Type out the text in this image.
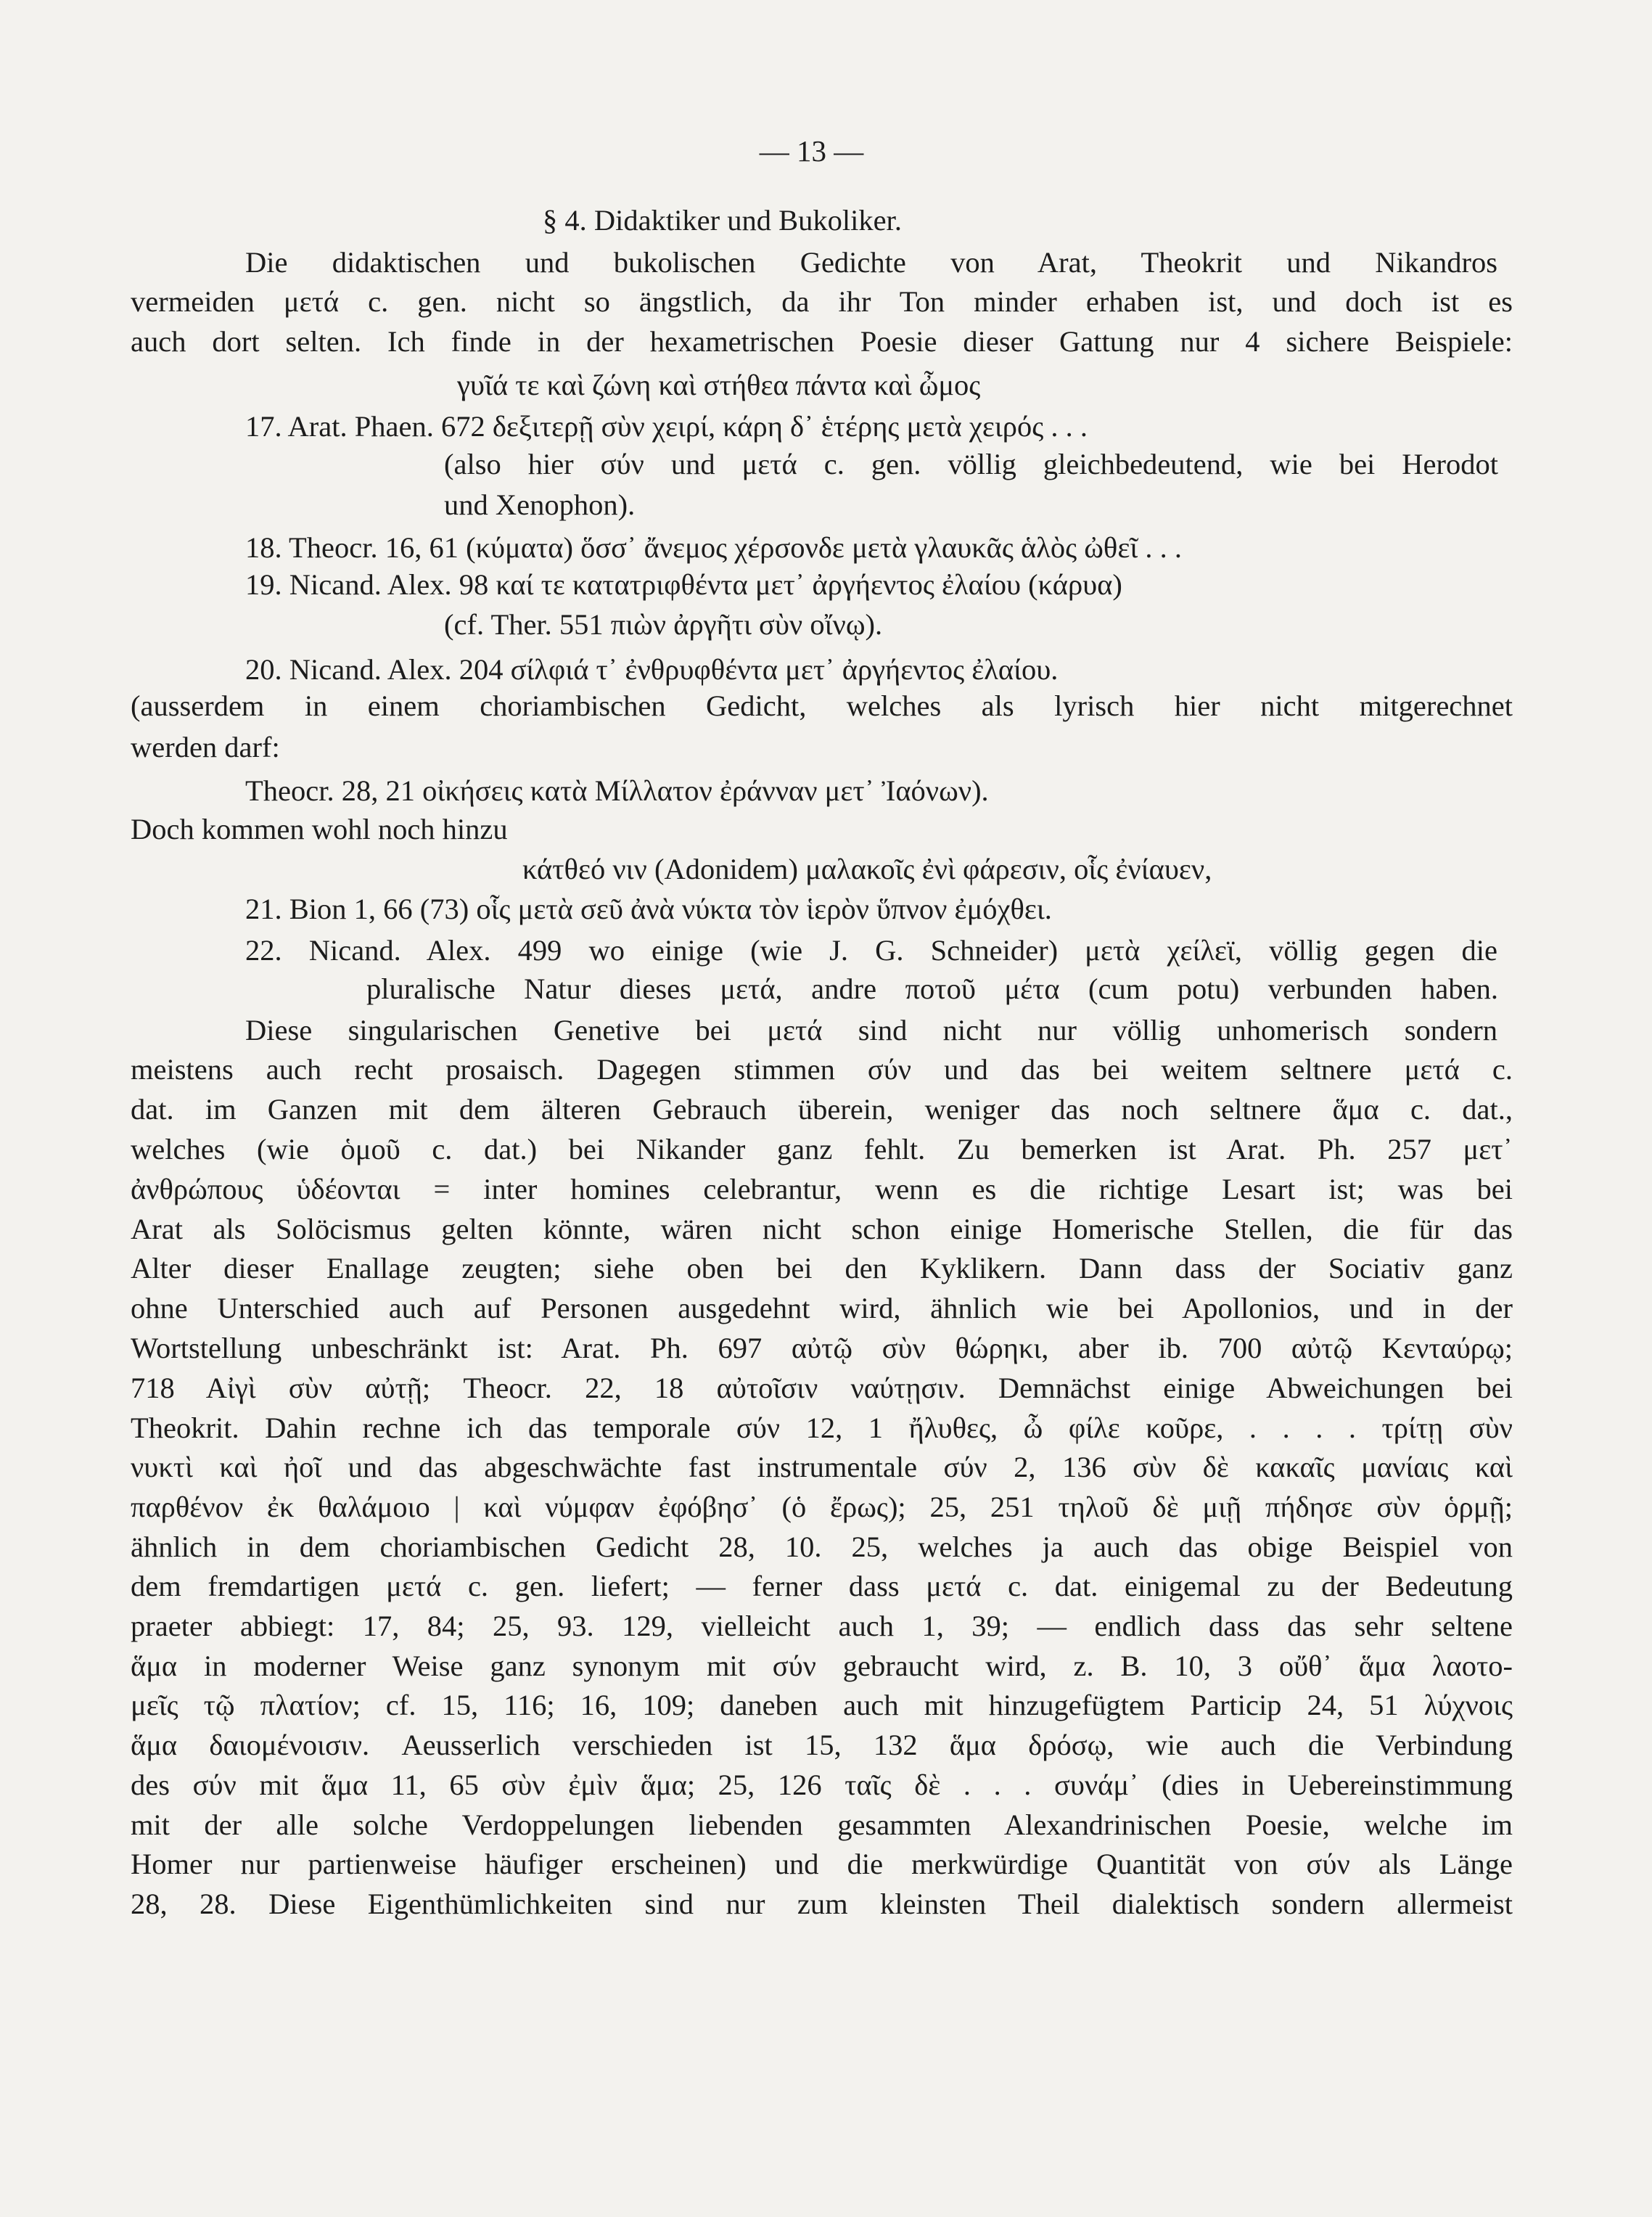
— 13 —
§ 4. Didaktiker und Bukoliker.
Die didaktischen und bukolischen Gedichte von Arat, Theokrit und Nikandros
vermeiden μετά c. gen. nicht so ängstlich, da ihr Ton minder erhaben ist, und doch ist es
auch dort selten. Ich finde in der hexametrischen Poesie dieser Gattung nur 4 sichere Beispiele:
γυῖά τε καὶ ζώνη καὶ στήθεα πάντα καὶ ὦμος
17. Arat. Phaen. 672 δεξιτερῇ σὺν χειρί, κάρη δ᾽ ἑτέρης μετὰ χειρός . . .
(also hier σύν und μετά c. gen. völlig gleichbedeutend, wie bei Herodot
und Xenophon).
18. Theocr. 16, 61 (κύματα) ὅσσ᾽ ἄνεμος χέρσονδε μετὰ γλαυκᾶς ἁλὸς ὠθεῖ . . .
19. Nicand. Alex. 98 καί τε κατατριφθέντα μετ᾽ ἀργήεντος ἐλαίου (κάρυα)
(cf. Ther. 551 πιὼν ἀργῆτι σὺν οἴνῳ).
20. Nicand. Alex. 204 σίλφιά τ᾽ ἐνθρυφθέντα μετ᾽ ἀργήεντος ἐλαίου.
(ausserdem in einem choriambischen Gedicht, welches als lyrisch hier nicht mitgerechnet
werden darf:
Theocr. 28, 21 οἰκήσεις κατὰ Μίλλατον ἐράνναν μετ᾽ Ἰαόνων).
Doch kommen wohl noch hinzu
κάτθεό νιν (Adonidem) μαλακοῖς ἐνὶ φάρεσιν, οἷς ἐνίαυεν,
21. Bion 1, 66 (73) οἷς μετὰ σεῦ ἀνὰ νύκτα τὸν ἱερὸν ὕπνον ἐμόχθει.
22. Nicand. Alex. 499 wo einige (wie J. G. Schneider) μετὰ χείλεϊ, völlig gegen die
pluralische Natur dieses μετά, andre ποτοῦ μέτα (cum potu) verbunden haben.
Diese singularischen Genetive bei μετά sind nicht nur völlig unhomerisch sondern
meistens auch recht prosaisch. Dagegen stimmen σύν und das bei weitem seltnere μετά c.
dat. im Ganzen mit dem älteren Gebrauch überein, weniger das noch seltnere ἅμα c. dat.,
welches (wie ὁμοῦ c. dat.) bei Nikander ganz fehlt. Zu bemerken ist Arat. Ph. 257 μετ᾽
ἀνθρώπους ὑδέονται = inter homines celebrantur, wenn es die richtige Lesart ist; was bei
Arat als Solöcismus gelten könnte, wären nicht schon einige Homerische Stellen, die für das
Alter dieser Enallage zeugten; siehe oben bei den Kyklikern. Dann dass der Sociativ ganz
ohne Unterschied auch auf Personen ausgedehnt wird, ähnlich wie bei Apollonios, und in der
Wortstellung unbeschränkt ist: Arat. Ph. 697 αὐτῷ σὺν θώρηκι, aber ib. 700 αὐτῷ Κενταύρῳ;
718 Αἰγὶ σὺν αὐτῇ; Theocr. 22, 18 αὐτοῖσιν ναύτῃσιν. Demnächst einige Abweichungen bei
Theokrit. Dahin rechne ich das temporale σύν 12, 1 ἤλυθες, ὦ φίλε κοῦρε, . . . . τρίτῃ σὺν
νυκτὶ καὶ ἠοῖ und das abgeschwächte fast instrumentale σύν 2, 136 σὺν δὲ κακαῖς μανίαις καὶ
παρθένον ἐκ θαλάμοιο | καὶ νύμφαν ἐφόβησ᾽ (ὁ ἔρως); 25, 251 τηλοῦ δὲ μιῇ πήδησε σὺν ὁρμῇ;
ähnlich in dem choriambischen Gedicht 28, 10. 25, welches ja auch das obige Beispiel von
dem fremdartigen μετά c. gen. liefert; — ferner dass μετά c. dat. einigemal zu der Bedeutung
praeter abbiegt: 17, 84; 25, 93. 129, vielleicht auch 1, 39; — endlich dass das sehr seltene
ἅμα in moderner Weise ganz synonym mit σύν gebraucht wird, z. B. 10, 3 οὔθ᾽ ἅμα λαοτο-
μεῖς τῷ πλατίον; cf. 15, 116; 16, 109; daneben auch mit hinzugefügtem Particip 24, 51 λύχνοις
ἅμα δαιομένοισιν. Aeusserlich verschieden ist 15, 132 ἅμα δρόσῳ, wie auch die Verbindung
des σύν mit ἅμα 11, 65 σὺν ἐμὶν ἅμα; 25, 126 ταῖς δὲ . . . συνάμ᾽ (dies in Uebereinstimmung
mit der alle solche Verdoppelungen liebenden gesammten Alexandrinischen Poesie, welche im
Homer nur partienweise häufiger erscheinen) und die merkwürdige Quantität von σύν als Länge
28, 28. Diese Eigenthümlichkeiten sind nur zum kleinsten Theil dialektisch sondern allermeist
